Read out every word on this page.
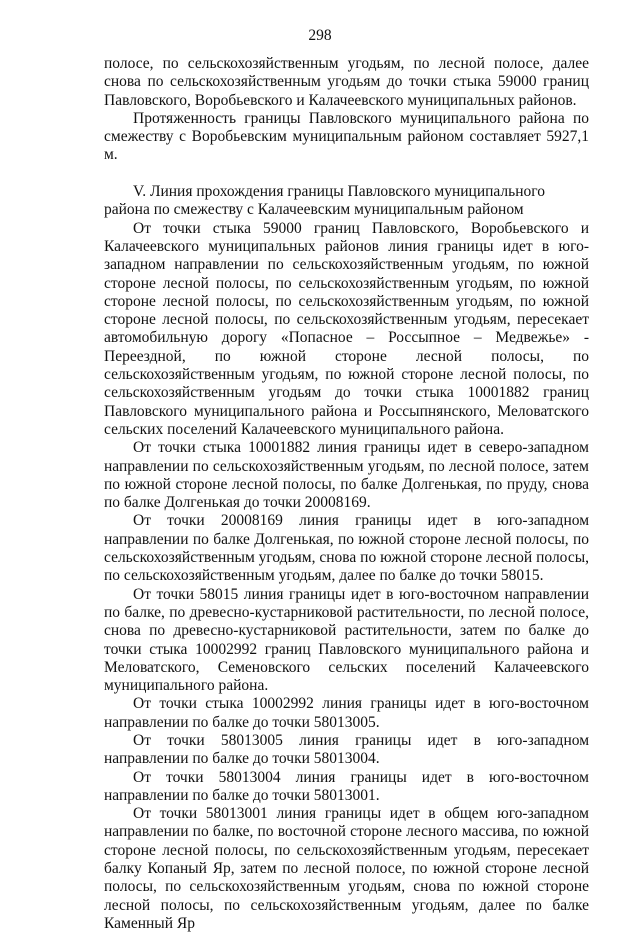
298

полосе, по сельскохозяйственным угодьям, по лесной полосе, далее снова по сельскохозяйственным угодьям до точки стыка 59000 границ Павловского, Воробьевского и Калачеевского муниципальных районов.

Протяженность границы Павловского муниципального района по смежеству с Воробьевским муниципальным районом составляет 5927,1 м.

V. Линия прохождения границы Павловского муниципального района по смежеству с Калачеевским муниципальным районом

От точки стыка 59000 границ Павловского, Воробьевского и Калачеевского муниципальных районов линия границы идет в юго-западном направлении по сельскохозяйственным угодьям, по южной стороне лесной полосы, по сельскохозяйственным угодьям, по южной стороне лесной полосы, по сельскохозяйственным угодьям, по южной стороне лесной полосы, по сельскохозяйственным угодьям, пересекает автомобильную дорогу «Попасное – Россыпное – Медвежье» - Переездной, по южной стороне лесной полосы, по сельскохозяйственным угодьям, по южной стороне лесной полосы, по сельскохозяйственным угодьям до точки стыка 10001882 границ Павловского муниципального района и Россыпнянского, Меловатского сельских поселений Калачеевского муниципального района.

От точки стыка 10001882 линия границы идет в северо-западном направлении по сельскохозяйственным угодьям, по лесной полосе, затем по южной стороне лесной полосы, по балке Долгенькая, по пруду, снова по балке Долгенькая до точки 20008169.

От точки 20008169 линия границы идет в юго-западном направлении по балке Долгенькая, по южной стороне лесной полосы, по сельскохозяйственным угодьям, снова по южной стороне лесной полосы, по сельскохозяйственным угодьям, далее по балке до точки 58015.

От точки 58015 линия границы идет в юго-восточном направлении по балке, по древесно-кустарниковой растительности, по лесной полосе, снова по древесно-кустарниковой растительности, затем по балке до точки стыка 10002992 границ Павловского муниципального района и Меловатского, Семеновского сельских поселений Калачеевского муниципального района.

От точки стыка 10002992 линия границы идет в юго-восточном направлении по балке до точки 58013005.

От точки 58013005 линия границы идет в юго-западном направлении по балке до точки 58013004.

От точки 58013004 линия границы идет в юго-восточном направлении по балке до точки 58013001.

От точки 58013001 линия границы идет в общем юго-западном направлении по балке, по восточной стороне лесного массива, по южной стороне лесной полосы, по сельскохозяйственным угодьям, пересекает балку Копаный Яр, затем по лесной полосе, по южной стороне лесной полосы, по сельскохозяйственным угодьям, снова по южной стороне лесной полосы, по сельскохозяйственным угодьям, далее по балке Каменный Яр
